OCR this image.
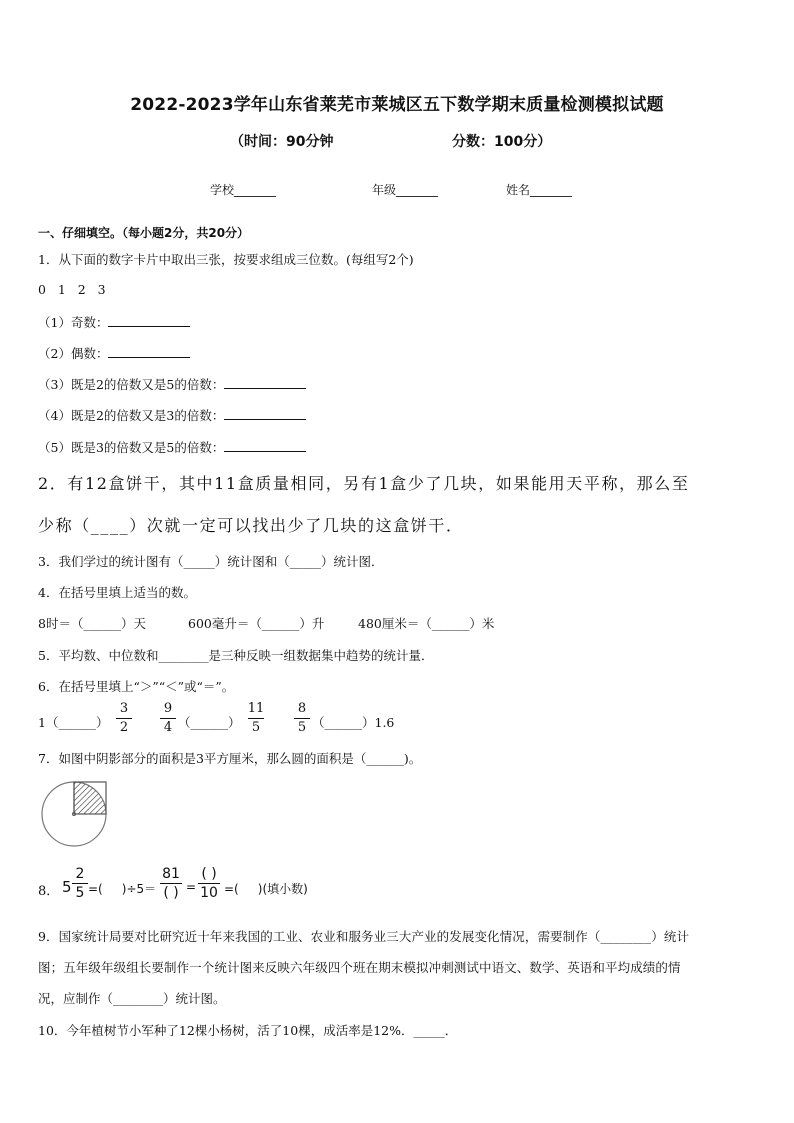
2022-2023学年山东省莱芜市莱城区五下数学期末质量检测模拟试题
（时间：90分钟	分数：100分）
学校_______	年级_______	姓名_______
一、仔细填空。（每小题2分，共20分）
1．从下面的数字卡片中取出三张，按要求组成三位数。(每组写2个)
0   1   2   3
（1）奇数：
（2）偶数：
（3）既是2的倍数又是5的倍数：
（4）既是2的倍数又是3的倍数：
（5）既是3的倍数又是5的倍数：
2．有12盒饼干，其中11盒质量相同，另有1盒少了几块，如果能用天平称，那么至
少称（____）次就一定可以找出少了几块的这盒饼干．
3．我们学过的统计图有（_____）统计图和（_____）统计图．
4．在括号里填上适当的数。
8时＝（______）天	600毫升＝（______）升	480厘米＝（______）米
5．平均数、中位数和________是三种反映一组数据集中趋势的统计量．
6．在括号里填上“＞”“＜”或“＝”。
1（______）
3
2
9
4 （______）
11
5
8
5 （______）1.6
7．如图中阴影部分的面积是3平方厘米，那么圆的面积是（______)。
8． 5
2
5 =(     )÷5＝
81
( ) =
( )
10 =(     )(填小数)
9．国家统计局要对比研究近十年来我国的工业、农业和服务业三大产业的发展变化情况，需要制作（________）统计
图；五年级年级组长要制作一个统计图来反映六年级四个班在期末模拟冲刺测试中语文、数学、英语和平均成绩的情
况，应制作（________）统计图。
10．今年植树节小军种了12棵小杨树，活了10棵，成活率是12%．_____．
